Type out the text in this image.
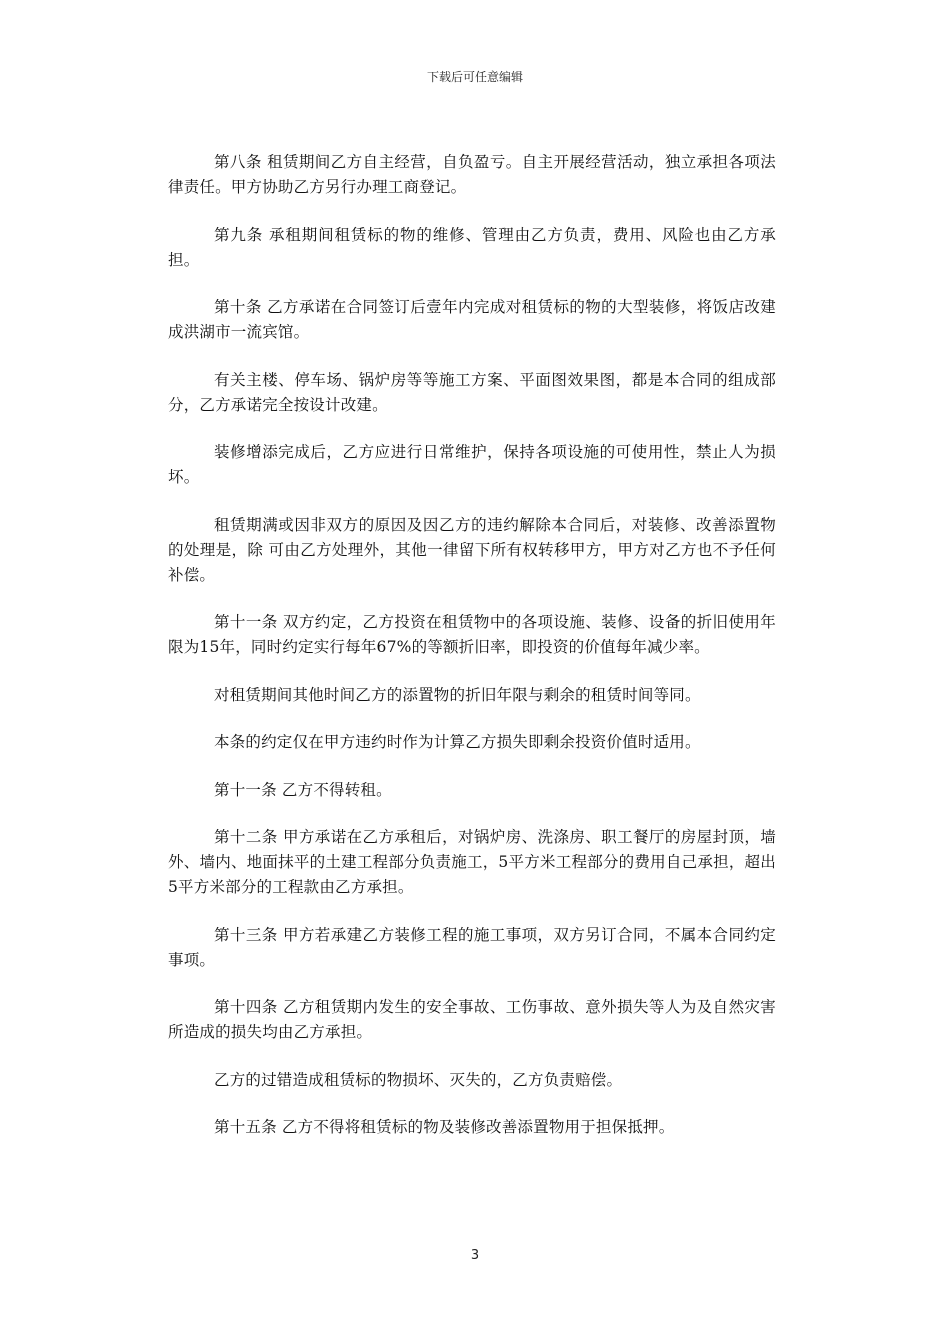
下载后可任意编辑

第八条 租赁期间乙方自主经营，自负盈亏。自主开展经营活动，独立承担各项法律责任。甲方协助乙方另行办理工商登记。

第九条 承租期间租赁标的物的维修、管理由乙方负责，费用、风险也由乙方承担。

第十条 乙方承诺在合同签订后壹年内完成对租赁标的物的大型装修，将饭店改建成洪湖市一流宾馆。

有关主楼、停车场、锅炉房等等施工方案、平面图效果图，都是本合同的组成部分，乙方承诺完全按设计改建。

装修增添完成后，乙方应进行日常维护，保持各项设施的可使用性，禁止人为损坏。

租赁期满或因非双方的原因及因乙方的违约解除本合同后，对装修、改善添置物的处理是，除 可由乙方处理外，其他一律留下所有权转移甲方，甲方对乙方也不予任何补偿。

第十一条 双方约定，乙方投资在租赁物中的各项设施、装修、设备的折旧使用年限为15年，同时约定实行每年67%的等额折旧率，即投资的价值每年减少率。

对租赁期间其他时间乙方的添置物的折旧年限与剩余的租赁时间等同。

本条的约定仅在甲方违约时作为计算乙方损失即剩余投资价值时适用。

第十一条 乙方不得转租。

第十二条 甲方承诺在乙方承租后，对锅炉房、洗涤房、职工餐厅的房屋封顶，墙外、墙内、地面抹平的土建工程部分负责施工，5平方米工程部分的费用自己承担，超出5平方米部分的工程款由乙方承担。

第十三条 甲方若承建乙方装修工程的施工事项，双方另订合同，不属本合同约定事项。

第十四条 乙方租赁期内发生的安全事故、工伤事故、意外损失等人为及自然灾害所造成的损失均由乙方承担。

乙方的过错造成租赁标的物损坏、灭失的，乙方负责赔偿。

第十五条 乙方不得将租赁标的物及装修改善添置物用于担保抵押。

3
